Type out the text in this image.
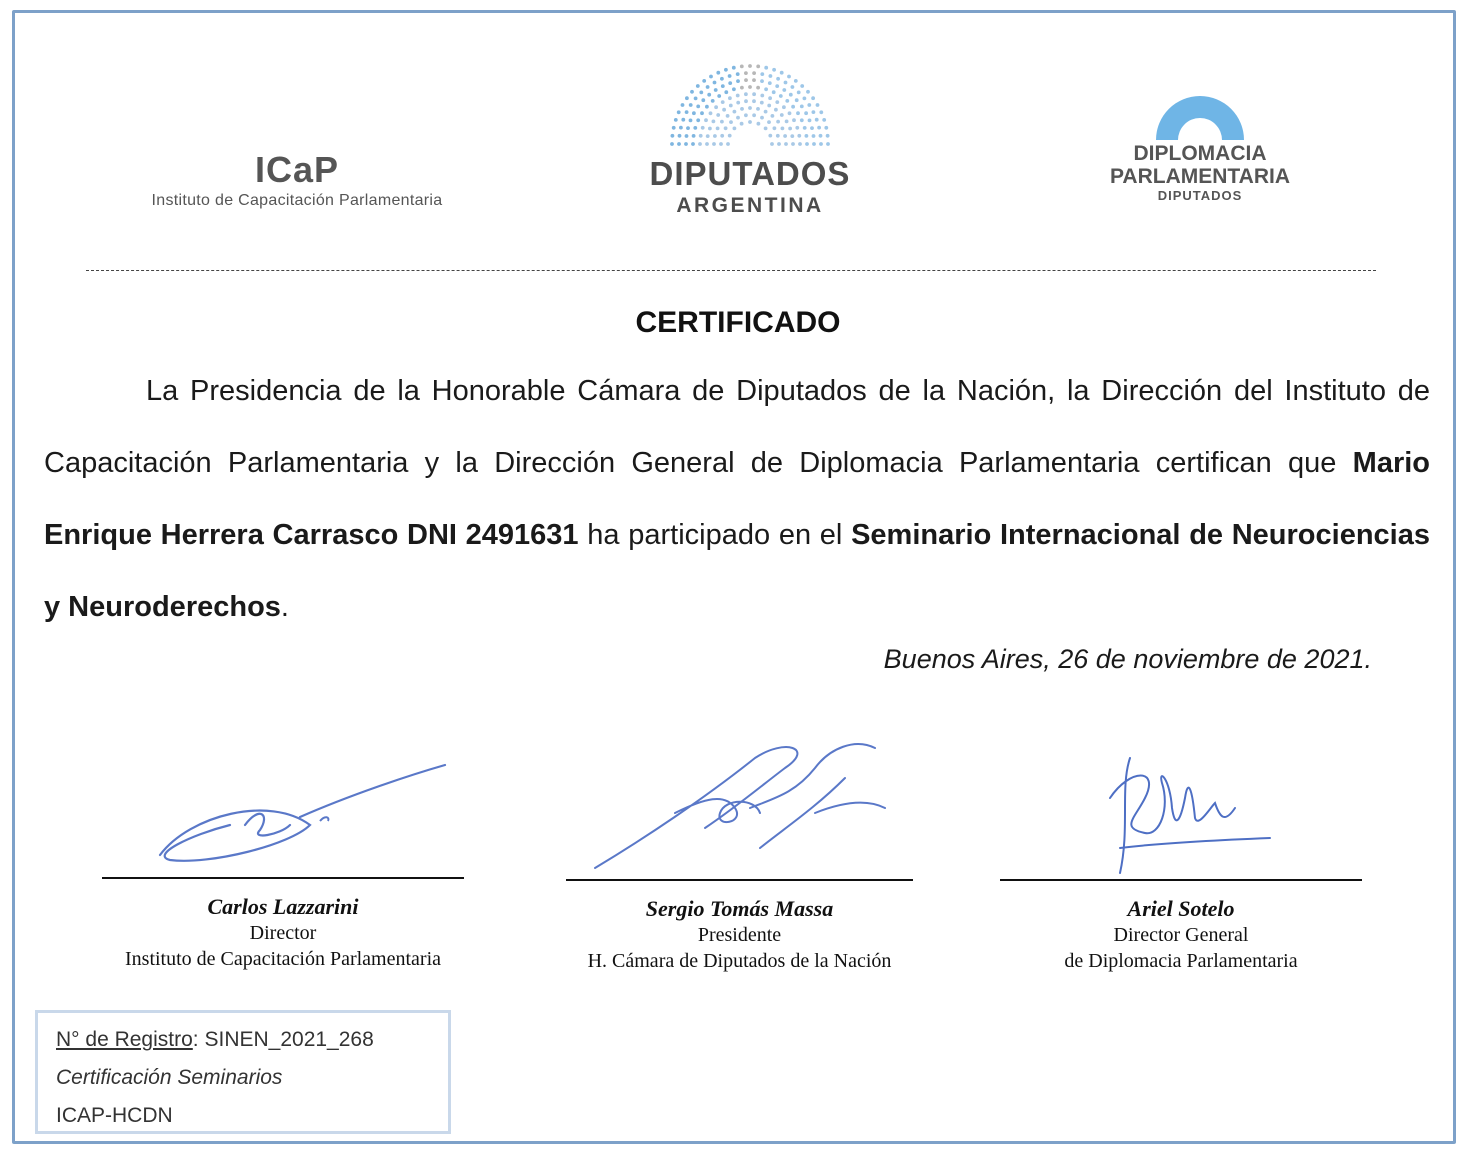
ICaP
Instituto de Capacitación Parlamentaria
DIPUTADOS
ARGENTINA
DIPLOMACIA
PARLAMENTARIA
DIPUTADOS
CERTIFICADO
La Presidencia de la Honorable Cámara de Diputados de la Nación, la Dirección del Instituto de Capacitación Parlamentaria y la Dirección General de Diplomacia Parlamentaria certifican que Mario Enrique Herrera Carrasco DNI 2491631 ha participado en el Seminario Internacional de Neurociencias y Neuroderechos.
Buenos Aires, 26 de noviembre de 2021.
Carlos Lazzarini
Director
Instituto de Capacitación Parlamentaria
Sergio Tomás Massa
Presidente
H. Cámara de Diputados de la Nación
Ariel Sotelo
Director General
de Diplomacia Parlamentaria
N° de Registro: SINEN_2021_268
Certificación Seminarios
ICAP-HCDN
